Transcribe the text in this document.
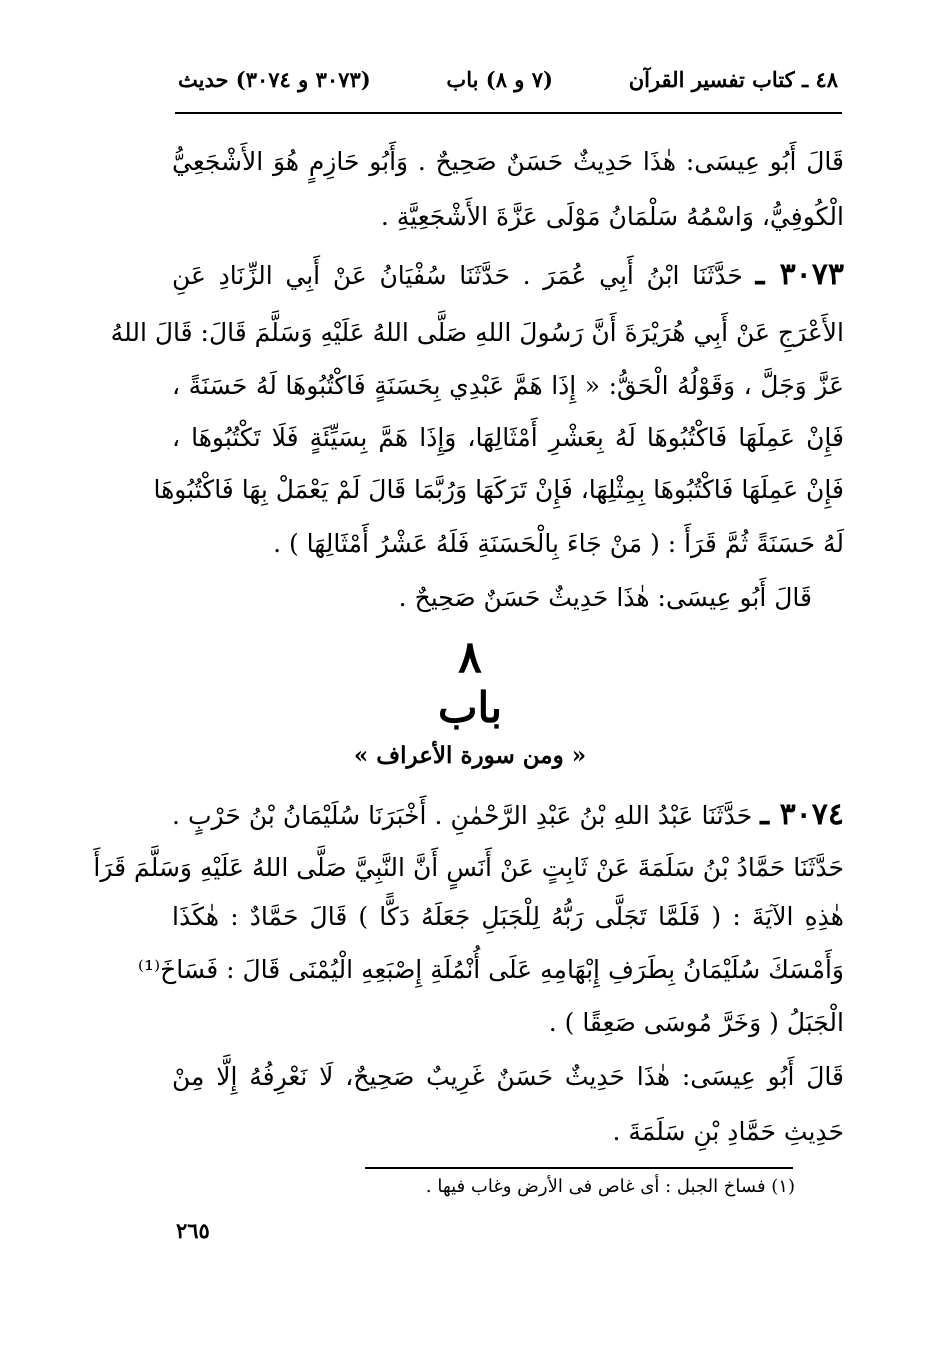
٤٨ ـ كتاب تفسير القرآن
(٧ و ٨) باب
(٣٠٧٣ و ٣٠٧٤) حديث
قَالَ أَبُو عِيسَى: هٰذَا حَدِيثٌ حَسَنٌ صَحِيحٌ . وَأَبُو حَازِمٍ هُوَ الأَشْجَعِيُّ
الْكُوفِيُّ، وَاسْمُهُ سَلْمَانُ مَوْلَى عَزَّةَ الأَشْجَعِيَّةِ .
٣٠٧٣ ـ حَدَّثَنَا ابْنُ أَبِي عُمَرَ . حَدَّثَنَا سُفْيَانُ عَنْ أَبِي الزِّنَادِ عَنِ
الأَعْرَجِ عَنْ أَبِي هُرَيْرَةَ أَنَّ رَسُولَ اللهِ صَلَّى اللهُ عَلَيْهِ وَسَلَّمَ قَالَ: قَالَ اللهُ
عَزَّ وَجَلَّ ، وَقَوْلُهُ الْحَقُّ: « إِذَا هَمَّ عَبْدِي بِحَسَنَةٍ فَاكْتُبُوهَا لَهُ حَسَنَةً ،
فَإِنْ عَمِلَهَا فَاكْتُبُوهَا لَهُ بِعَشْرِ أَمْثَالِهَا، وَإِذَا هَمَّ بِسَيِّئَةٍ فَلَا تَكْتُبُوهَا ،
فَإِنْ عَمِلَهَا فَاكْتُبُوهَا بِمِثْلِهَا، فَإِنْ تَرَكَهَا وَرُبَّمَا قَالَ لَمْ يَعْمَلْ بِهَا فَاكْتُبُوهَا
لَهُ حَسَنَةً ثُمَّ قَرَأَ : ( مَنْ جَاءَ بِالْحَسَنَةِ فَلَهُ عَشْرُ أَمْثَالِهَا ) .
قَالَ أَبُو عِيسَى: هٰذَا حَدِيثٌ حَسَنٌ صَحِيحٌ .
٨
باب
« ومن سورة الأعراف »
٣٠٧٤ ـ حَدَّثَنَا عَبْدُ اللهِ بْنُ عَبْدِ الرَّحْمٰنِ . أَخْبَرَنَا سُلَيْمَانُ بْنُ حَرْبٍ .
حَدَّثَنَا حَمَّادُ بْنُ سَلَمَةَ عَنْ ثَابِتٍ عَنْ أَنَسٍ أَنَّ النَّبِيَّ صَلَّى اللهُ عَلَيْهِ وَسَلَّمَ قَرَأَ
هٰذِهِ الآيَةَ : ( فَلَمَّا تَجَلَّى رَبُّهُ لِلْجَبَلِ جَعَلَهُ دَكًّا ) قَالَ حَمَّادٌ : هٰكَذَا
وَأَمْسَكَ سُلَيْمَانُ بِطَرَفِ إِبْهَامِهِ عَلَى أُنْمُلَةِ إِصْبَعِهِ الْيُمْنَى قَالَ : فَسَاخَ⁽¹⁾
الْجَبَلُ ( وَخَرَّ مُوسَى صَعِقًا ) .
قَالَ أَبُو عِيسَى: هٰذَا حَدِيثٌ حَسَنٌ غَرِيبٌ صَحِيحٌ، لَا نَعْرِفُهُ إِلَّا مِنْ
حَدِيثِ حَمَّادِ بْنِ سَلَمَةَ .
(١) فساخ الجبل : أى غاص فى الأرض وغاب فيها .
٢٦٥
